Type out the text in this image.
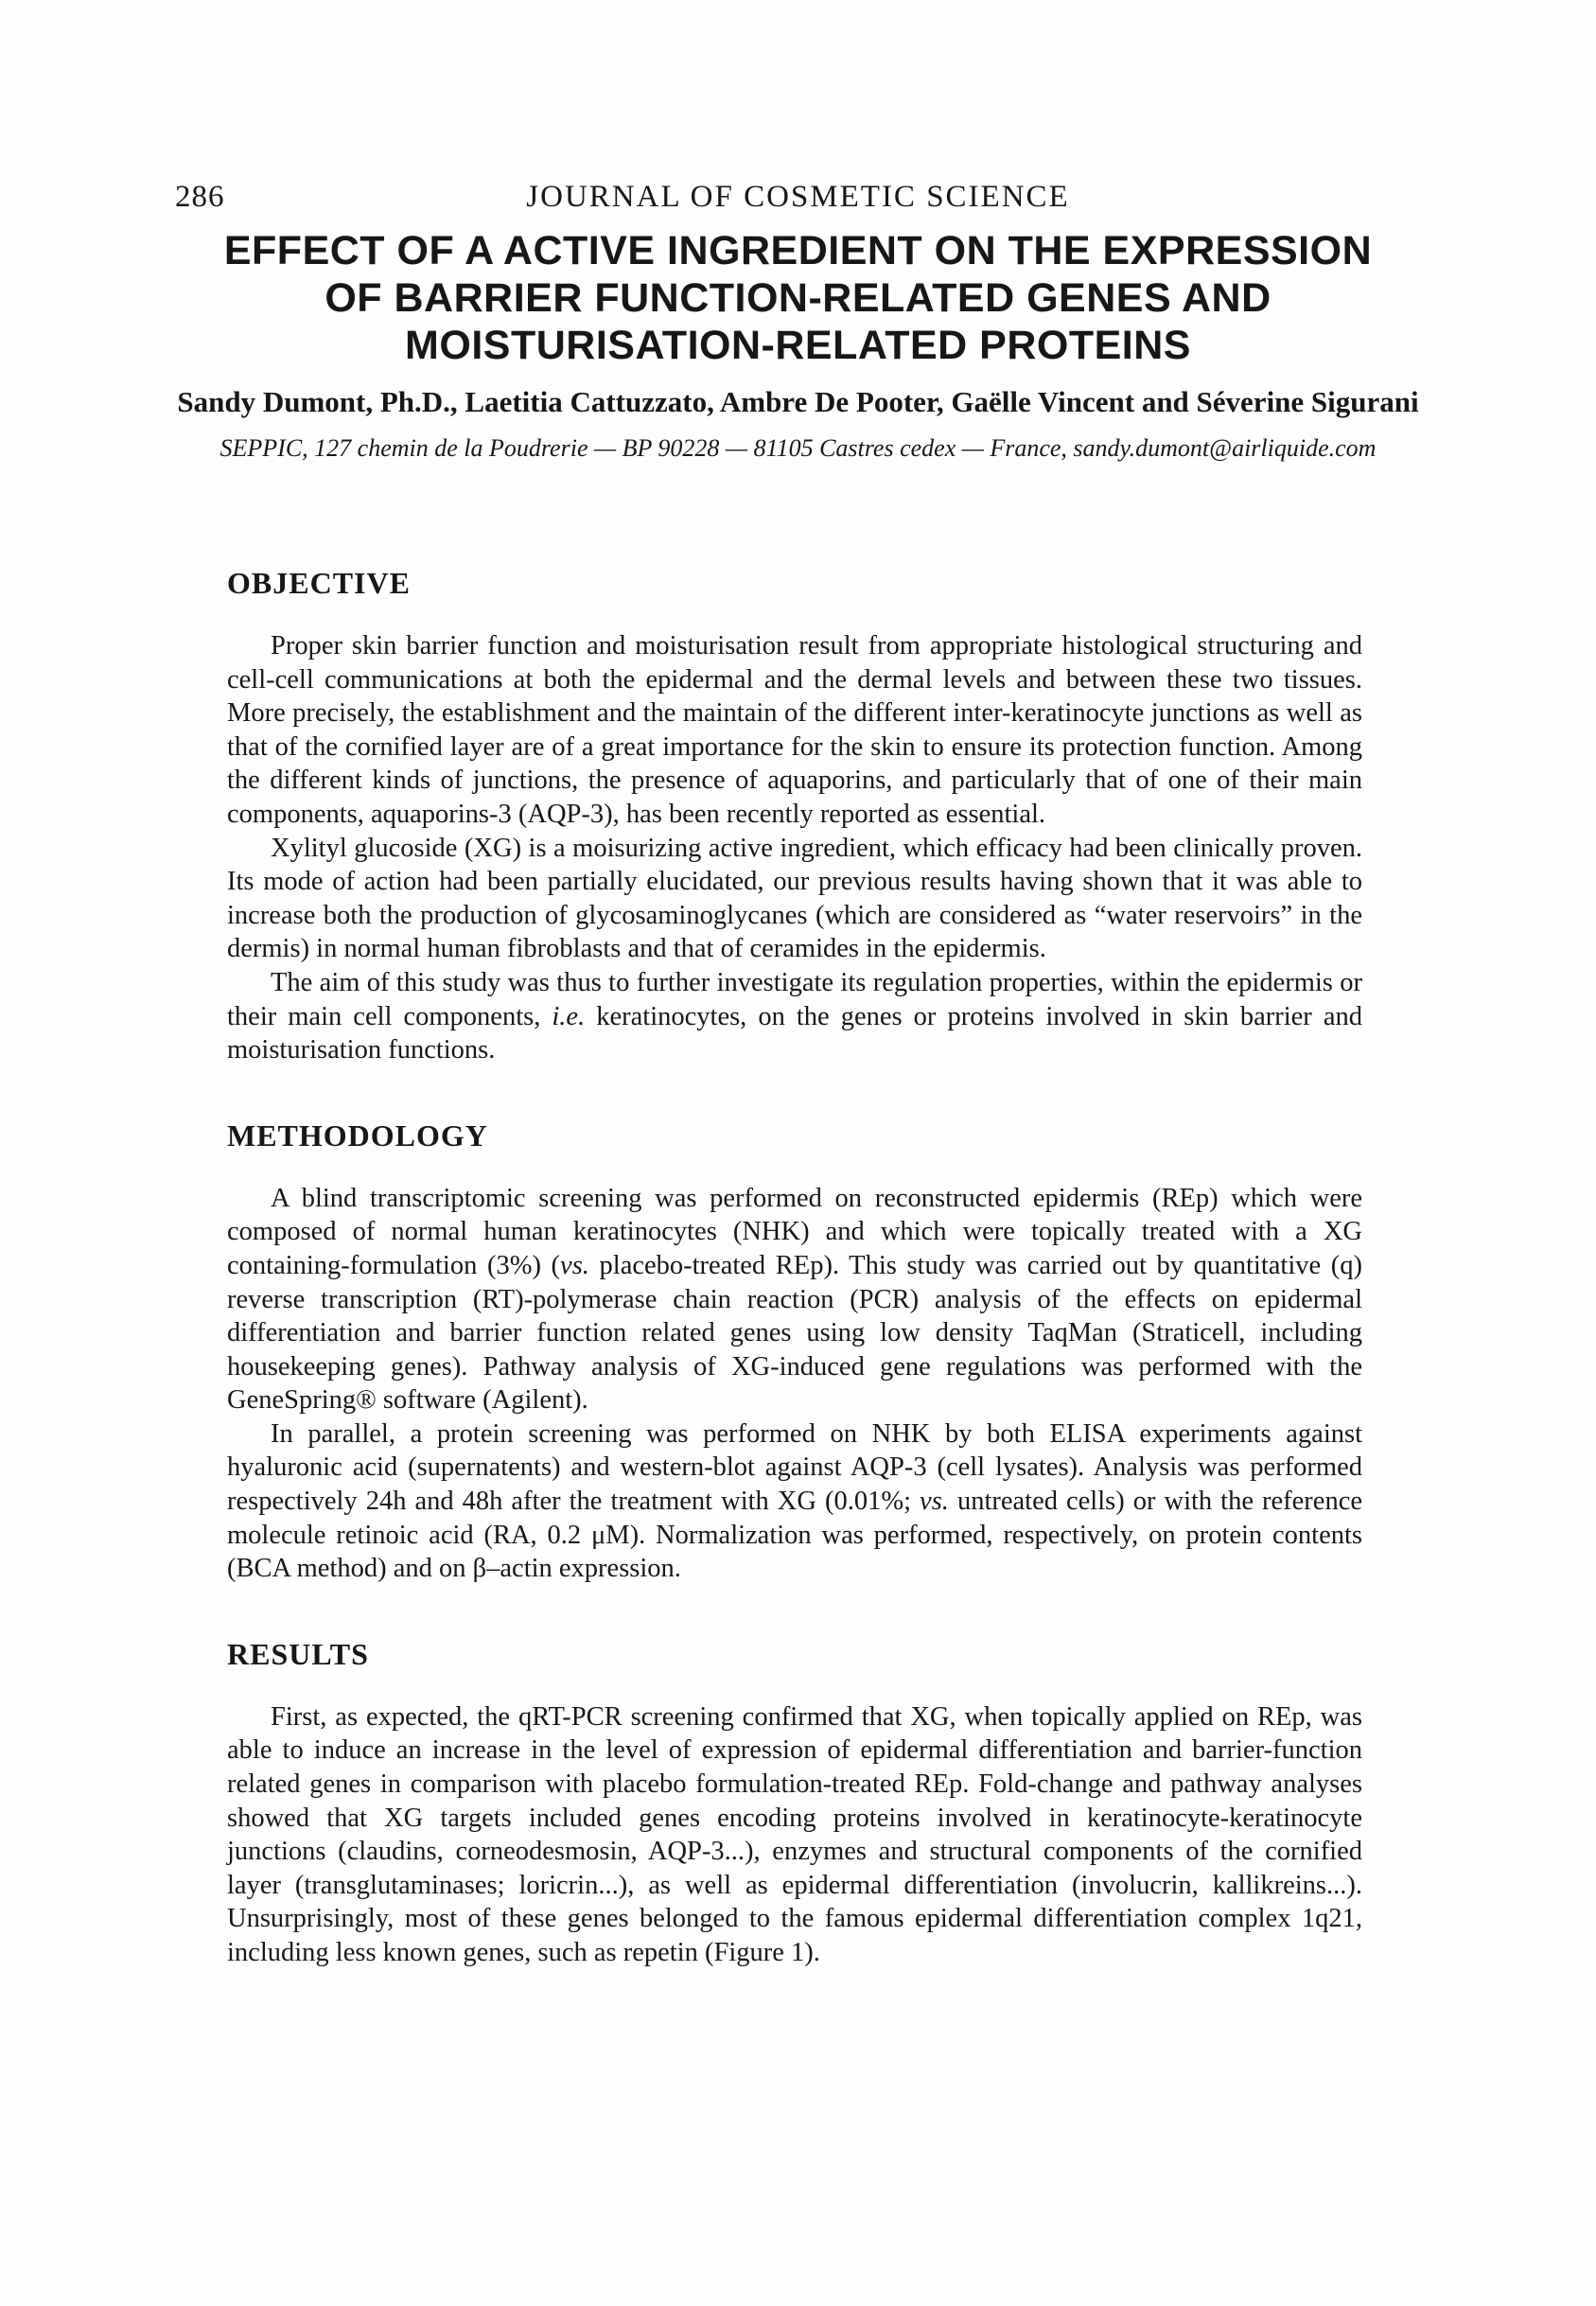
286	JOURNAL OF COSMETIC SCIENCE
EFFECT OF A ACTIVE INGREDIENT ON THE EXPRESSION
OF BARRIER FUNCTION-RELATED GENES AND
MOISTURISATION-RELATED PROTEINS
Sandy Dumont, Ph.D., Laetitia Cattuzzato, Ambre De Pooter, Gaëlle Vincent and Séverine Sigurani
SEPPIC, 127 chemin de la Poudrerie — BP 90228 — 81105 Castres cedex — France, sandy.dumont@airliquide.com
OBJECTIVE

Proper skin barrier function and moisturisation result from appropriate histological structuring and cell-cell communications at both the epidermal and the dermal levels and between these two tissues. More precisely, the establishment and the maintain of the different inter-keratinocyte junctions as well as that of the cornified layer are of a great importance for the skin to ensure its protection function. Among the different kinds of junctions, the presence of aquaporins, and particularly that of one of their main components, aquaporins-3 (AQP-3), has been recently reported as essential.

Xylityl glucoside (XG) is a moisurizing active ingredient, which efficacy had been clinically proven. Its mode of action had been partially elucidated, our previous results having shown that it was able to increase both the production of glycosaminoglycanes (which are considered as “water reservoirs” in the dermis) in normal human fibroblasts and that of ceramides in the epidermis.

The aim of this study was thus to further investigate its regulation properties, within the epidermis or their main cell components, i.e. keratinocytes, on the genes or proteins involved in skin barrier and moisturisation functions.

METHODOLOGY

A blind transcriptomic screening was performed on reconstructed epidermis (REp) which were composed of normal human keratinocytes (NHK) and which were topically treated with a XG containing-formulation (3%) (vs. placebo-treated REp). This study was carried out by quantitative (q) reverse transcription (RT)-polymerase chain reaction (PCR) analysis of the effects on epidermal differentiation and barrier function related genes using low density TaqMan (Straticell, including housekeeping genes). Pathway analysis of XG-induced gene regulations was performed with the GeneSpring® software (Agilent).

In parallel, a protein screening was performed on NHK by both ELISA experiments against hyaluronic acid (supernatents) and western-blot against AQP-3 (cell lysates). Analysis was performed respectively 24h and 48h after the treatment with XG (0.01%; vs. untreated cells) or with the reference molecule retinoic acid (RA, 0.2 μM). Normalization was performed, respectively, on protein contents (BCA method) and on β–actin expression.

RESULTS

First, as expected, the qRT-PCR screening confirmed that XG, when topically applied on REp, was able to induce an increase in the level of expression of epidermal differentiation and barrier-function related genes in comparison with placebo formulation-treated REp. Fold-change and pathway analyses showed that XG targets included genes encoding proteins involved in keratinocyte-keratinocyte junctions (claudins, corneodesmosin, AQP-3...), enzymes and structural components of the cornified layer (transglutaminases; loricrin...), as well as epidermal differentiation (involucrin, kallikreins...). Unsurprisingly, most of these genes belonged to the famous epidermal differentiation complex 1q21, including less known genes, such as repetin (Figure 1).
